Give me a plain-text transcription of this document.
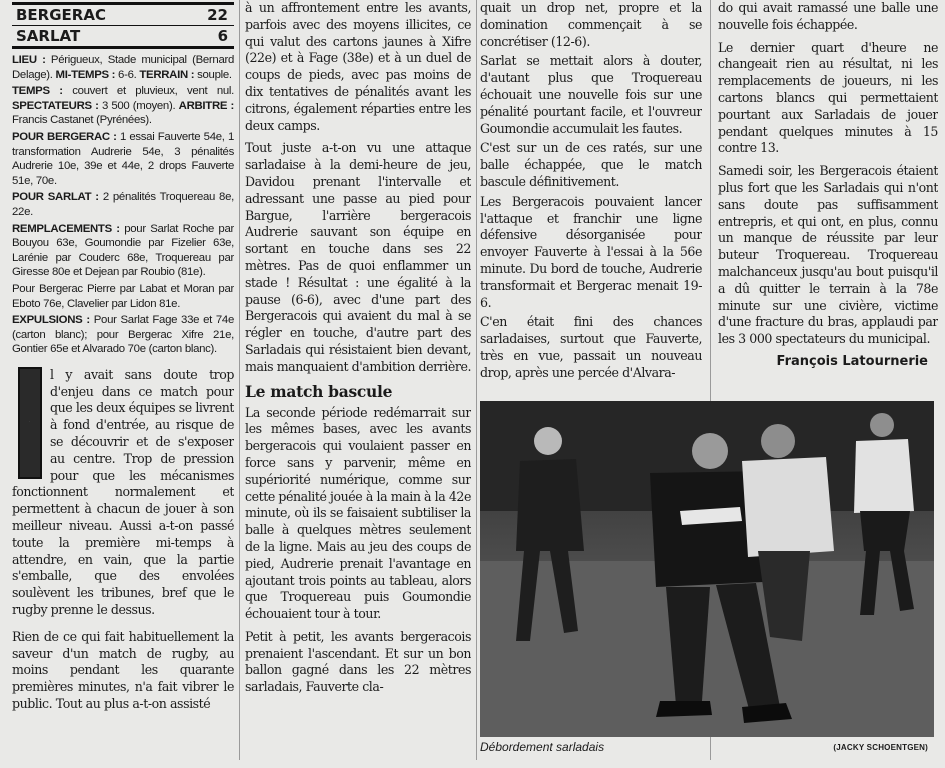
BERGERAC	22
SARLAT	6

LIEU : Périgueux, Stade municipal (Bernard Delage). MI-TEMPS : 6-6. TERRAIN : souple.

TEMPS : couvert et pluvieux, vent nul. SPECTATEURS : 3 500 (moyen). ARBITRE : Francis Castanet (Pyrénées).

POUR BERGERAC : 1 essai Fauverte 54e, 1 transformation Audrerie 54e, 3 pénalités Audrerie 10e, 39e et 44e, 2 drops Fauverte 51e, 70e.

POUR SARLAT : 2 pénalités Troquereau 8e, 22e.

REMPLACEMENTS : pour Sarlat Roche par Bouyou 63e, Goumondie par Fizelier 63e, Larénie par Couderc 68e, Troquereau par Giresse 80e et Dejean par Roubio (81e).

Pour Bergerac Pierre par Labat et Moran par Eboto 76e, Clavelier par Lidon 81e.

EXPULSIONS : Pour Sarlat Fage 33e et 74e (carton blanc); pour Bergerac Xifre 21e, Gontier 65e et Alvarado 70e (carton blanc).

I

l y avait sans doute trop d'enjeu dans ce match pour que les deux équipes se livrent à fond d'entrée, au risque de se découvrir et de s'exposer au centre. Trop de pression pour que les mécanismes fonctionnent normalement et permettent à chacun de jouer à son meilleur niveau. Aussi a-t-on passé toute la première mi-temps à attendre, en vain, que la partie s'emballe, que des envolées soulèvent les tribunes, bref que le rugby prenne le dessus.

Rien de ce qui fait habituellement la saveur d'un match de rugby, au moins pendant les quarante premières minutes, n'a fait vibrer le public. Tout au plus a-t-on assisté

à un affrontement entre les avants, parfois avec des moyens illicites, ce qui valut des cartons jaunes à Xifre (22e) et à Fage (38e) et à un duel de coups de pieds, avec pas moins de dix tentatives de pénalités avant les citrons, également réparties entre les deux camps.

Tout juste a-t-on vu une attaque sarladaise à la demi-heure de jeu, Davidou prenant l'intervalle et adressant une passe au pied pour Bargue, l'arrière bergeracois Audrerie sauvant son équipe en sortant en touche dans ses 22 mètres. Pas de quoi enflammer un stade ! Résultat : une égalité à la pause (6-6), avec d'une part des Bergeracois qui avaient du mal à se régler en touche, d'autre part des Sarladais qui résistaient bien devant, mais manquaient d'ambition derrière.

Le match bascule

La seconde période redémarrait sur les mêmes bases, avec les avants bergeracois qui voulaient passer en force sans y parvenir, même en supériorité numérique, comme sur cette pénalité jouée à la main à la 42e minute, où ils se faisaient subtiliser la balle à quelques mètres seulement de la ligne. Mais au jeu des coups de pied, Audrerie prenait l'avantage en ajoutant trois points au tableau, alors que Troquereau puis Goumondie échouaient tour à tour.

Petit à petit, les avants bergeracois prenaient l'ascendant. Et sur un bon ballon gagné dans les 22 mètres sarladais, Fauverte cla-

quait un drop net, propre et la domination commençait à se concrétiser (12-6).

Sarlat se mettait alors à douter, d'autant plus que Troquereau échouait une nouvelle fois sur une pénalité pourtant facile, et l'ouvreur Goumondie accumulait les fautes.

C'est sur un de ces ratés, sur une balle échappée, que le match bascule définitivement.

Les Bergeracois pouvaient lancer l'attaque et franchir une ligne défensive désorganisée pour envoyer Fauverte à l'essai à la 56e minute. Du bord de touche, Audrerie transformait et Bergerac menait 19-6.

C'en était fini des chances sarladaises, surtout que Fauverte, très en vue, passait un nouveau drop, après une percée d'Alvara-

do qui avait ramassé une balle une nouvelle fois échappée.

Le dernier quart d'heure ne changeait rien au résultat, ni les remplacements de joueurs, ni les cartons blancs qui permettaient pourtant aux Sarladais de jouer pendant quelques minutes à 15 contre 13.

Samedi soir, les Bergeracois étaient plus fort que les Sarladais qui n'ont sans doute pas suffisamment entrepris, et qui ont, en plus, connu un manque de réussite par leur buteur Troquereau. Troquereau malchanceux jusqu'au bout puisqu'il a dû quitter le terrain à la 78e minute sur une civière, victime d'une fracture du bras, applaudi par les 3 000 spectateurs du municipal.

François Latournerie
Débordement sarladais	(JACKY SCHOENTGEN)
